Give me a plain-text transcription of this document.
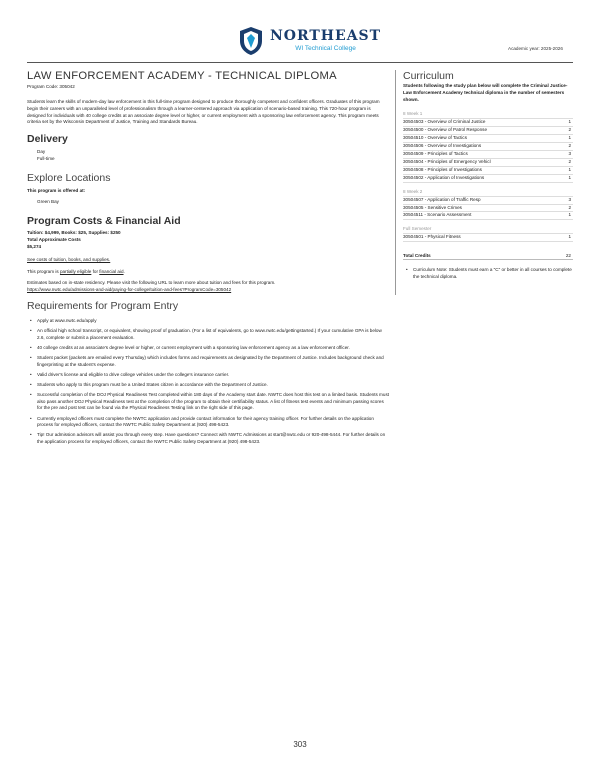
NORTHEAST
WI Technical College	Academic year: 2025-2026
LAW ENFORCEMENT ACADEMY - TECHNICAL DIPLOMA
Program Code: 305042

Students learn the skills of modern-day law enforcement in this full-time program designed to produce thoroughly competent and confident officers. Graduates of this program begin their careers with an unparalleled level of professionalism through a learner-centered approach via application of scenario-based training. This 720-hour program is designed for individuals with 40 college credits at an associate degree level or higher, or current employment with a sponsoring law enforcement agency. This program meets criteria set by the Wisconsin Department of Justice, Training and Standards Bureau.

Delivery
Day
Full-time
Explore Locations
This program is offered at:
Green Bay
Program Costs & Financial Aid
Tuition: $4,999, Books: $25, Supplies: $250
Total Approximate Costs
$5,274
See costs of tuition, books, and supplies.
This program is partially eligible for financial aid.
Estimates based on in-state residency. Please visit the following URL to learn more about tuition and fees for this program.
https://www.nwtc.edu/admissions-and-aid/paying-for-college/tuition-and-fees?ProgramCode=305042
Requirements for Program Entry
• Apply at www.nwtc.edu/apply
• An official high school transcript, or equivalent, showing proof of graduation. (For a list of equivalents, go to www.nwtc.edu/gettingstarted.) If your cumulative GPA is below 2.6, complete or submit a placement evaluation.
• 40 college credits at an associate's degree level or higher, or current employment with a sponsoring law enforcement agency as a law enforcement officer.
• Student packet (packets are emailed every Thursday) which includes forms and requirements as designated by the Department of Justice. Includes background check and fingerprinting at the student's expense.
• Valid driver's license and eligible to drive college vehicles under the college's insurance carrier.
• Students who apply to this program must be a United States citizen in accordance with the Department of Justice.
• Successful completion of the DOJ Physical Readiness Test completed within 180 days of the Academy start date. NWTC does host this test on a limited basis. Students must also pass another DOJ Physical Readiness test at the completion of the program to obtain their certifiability status. A list of fitness test events and minimum passing scores for the pre and post test can be found via the Physical Readiness Testing link on the right side of this page.
• Currently employed officers must complete the NWTC application and provide contact information for their agency training officer. For further details on the application process for employed officers, contact the NWTC Public Safety Department at (920) 498-5423.
• Tip! Our admission advisors will assist you through every step. Have questions? Connect with NWTC Admissions at start@nwtc.edu or 920-498-5444. For further details on the application process for employed officers, contact the NWTC Public Safety Department at (920) 498-5423.
Curriculum
Students following the study plan below will complete the Criminal Justice-Law Enforcement Academy technical diploma in the number of semesters shown.
8 Week 1
30504503 - Overview of Criminal Justice	1
30504500 - Overview of Patrol Response	2
30504510 - Overview of Tactics	1
30504506 - Overview of Investigations	2
30504509 - Principles of Tactics	3
30504504 - Principles of Emergency Vehicl	2
30504508 - Principles of Investigations	1
30504502 - Application of Investigations	1
8 Week 2
30504507 - Application of Traffic Resp	3
30504505 - Sensitive Crimes	2
30504511 - Scenario Assessment	1
Full Semester
30504501 - Physical Fitness	1
Total Credits	22
• Curriculum Note: Students must earn a "C" or better in all courses to complete the technical diploma.
303
